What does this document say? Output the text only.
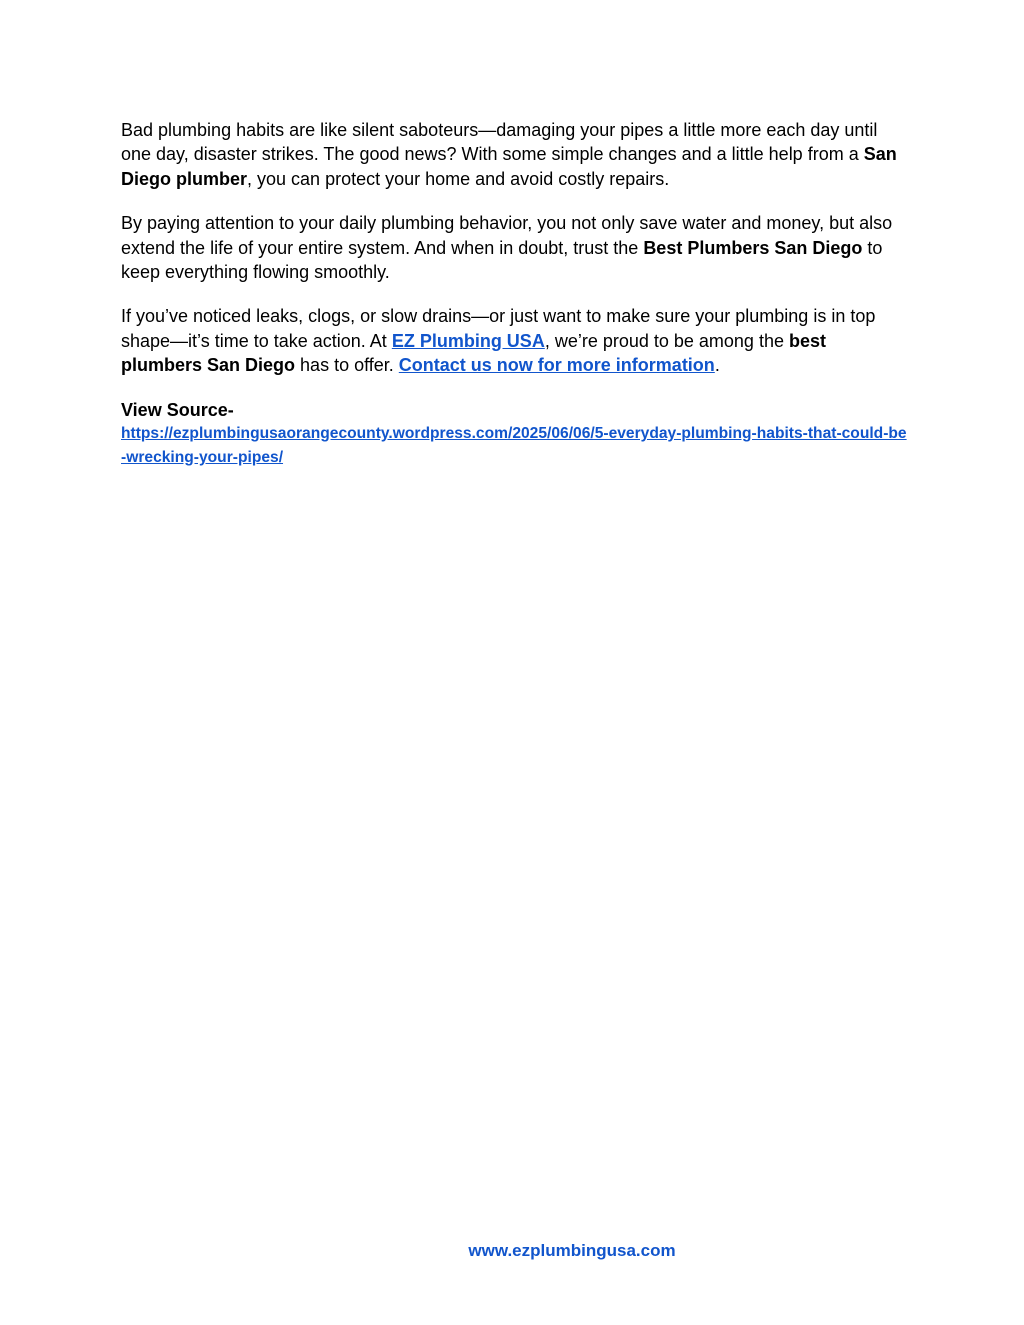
Bad plumbing habits are like silent saboteurs—damaging your pipes a little more each day until one day, disaster strikes. The good news? With some simple changes and a little help from a San Diego plumber, you can protect your home and avoid costly repairs.

By paying attention to your daily plumbing behavior, you not only save water and money, but also extend the life of your entire system. And when in doubt, trust the Best Plumbers San Diego to keep everything flowing smoothly.

If you’ve noticed leaks, clogs, or slow drains—or just want to make sure your plumbing is in top shape—it’s time to take action. At EZ Plumbing USA, we’re proud to be among the best plumbers San Diego has to offer. Contact us now for more information.

View Source-

https://ezplumbingusaorangecounty.wordpress.com/2025/06/06/5-everyday-plumbing-habits-that-could-be-wrecking-your-pipes/
www.ezplumbingusa.com
